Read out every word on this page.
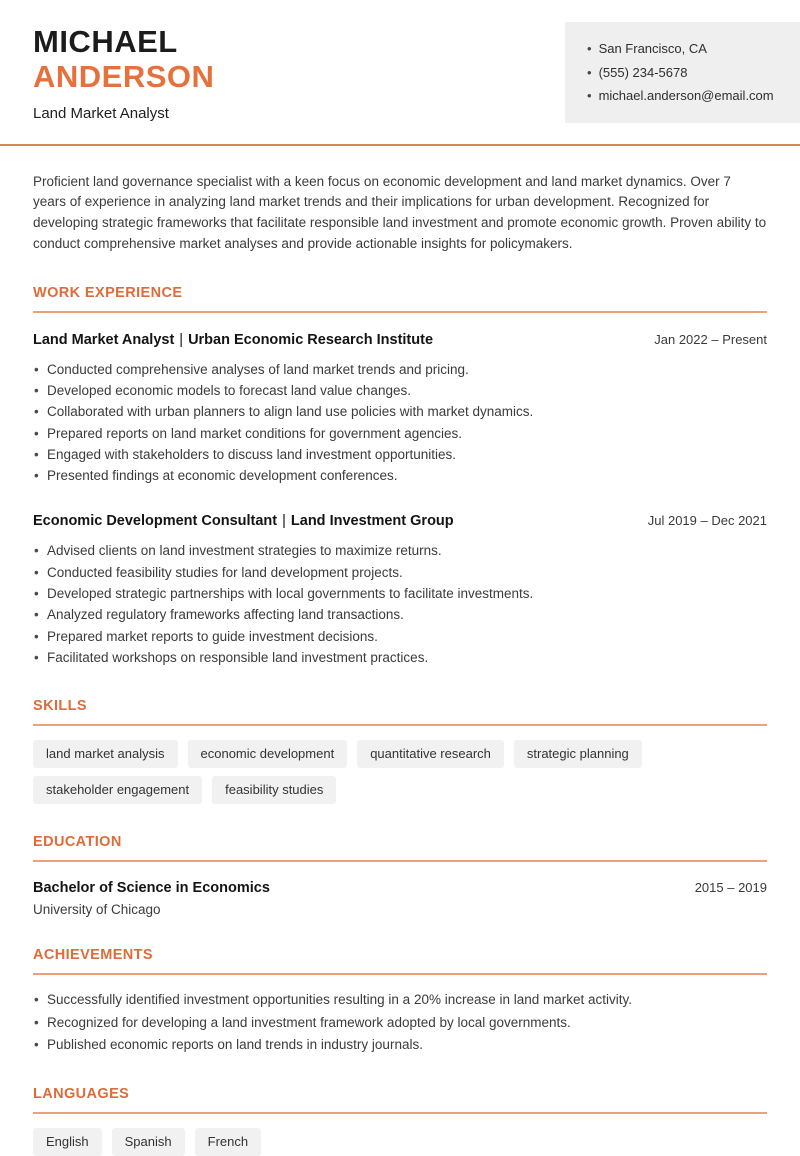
MICHAEL
ANDERSON
Land Market Analyst
• San Francisco, CA
• (555) 234-5678
• michael.anderson@email.com

Proficient land governance specialist with a keen focus on economic development and land market dynamics. Over 7 years of experience in analyzing land market trends and their implications for urban development. Recognized for developing strategic frameworks that facilitate responsible land investment and promote economic growth. Proven ability to conduct comprehensive market analyses and provide actionable insights for policymakers.

WORK EXPERIENCE
Land Market Analyst | Urban Economic Research Institute	Jan 2022 – Present
• Conducted comprehensive analyses of land market trends and pricing.
• Developed economic models to forecast land value changes.
• Collaborated with urban planners to align land use policies with market dynamics.
• Prepared reports on land market conditions for government agencies.
• Engaged with stakeholders to discuss land investment opportunities.
• Presented findings at economic development conferences.
Economic Development Consultant | Land Investment Group	Jul 2019 – Dec 2021
• Advised clients on land investment strategies to maximize returns.
• Conducted feasibility studies for land development projects.
• Developed strategic partnerships with local governments to facilitate investments.
• Analyzed regulatory frameworks affecting land transactions.
• Prepared market reports to guide investment decisions.
• Facilitated workshops on responsible land investment practices.
SKILLS
land market analysis	economic development	quantitative research	strategic planning
stakeholder engagement	feasibility studies
EDUCATION
Bachelor of Science in Economics	2015 – 2019
University of Chicago
ACHIEVEMENTS
• Successfully identified investment opportunities resulting in a 20% increase in land market activity.
• Recognized for developing a land investment framework adopted by local governments.
• Published economic reports on land trends in industry journals.
LANGUAGES
English	Spanish	French
